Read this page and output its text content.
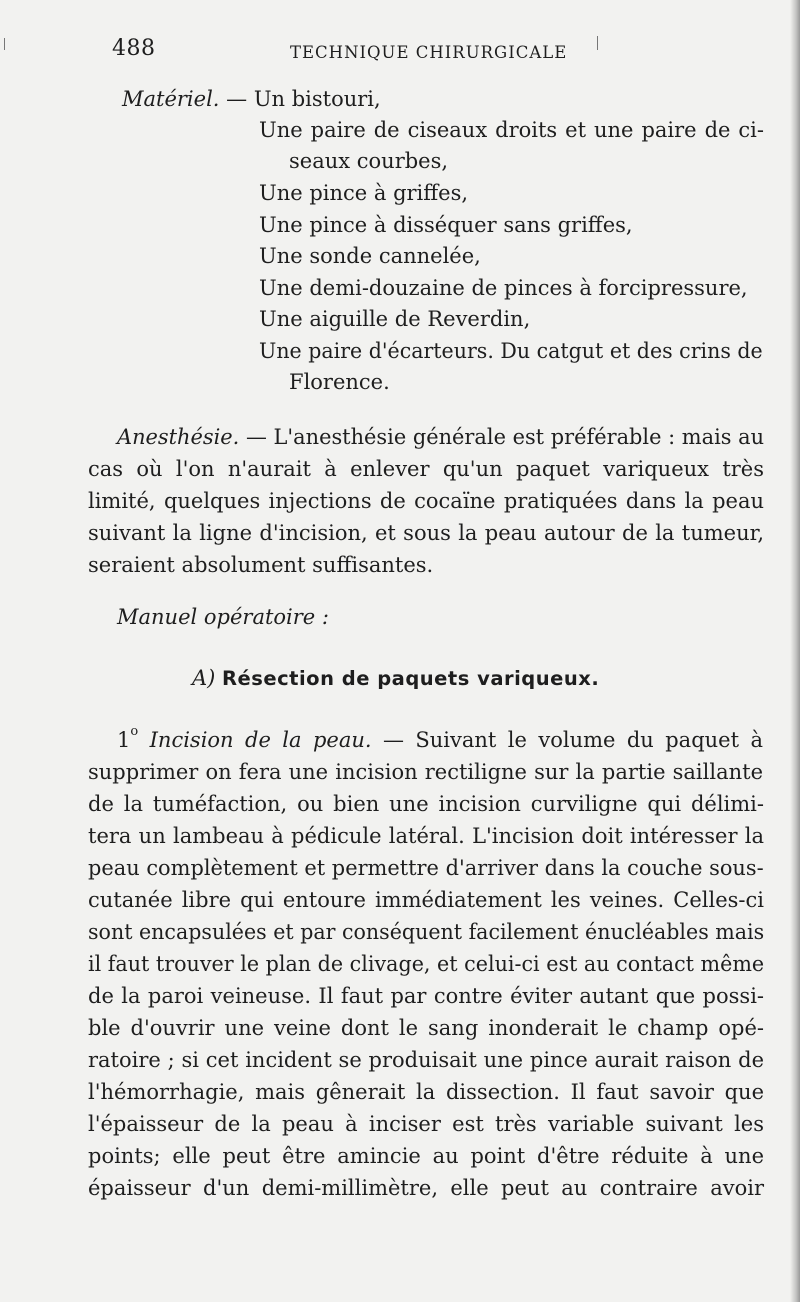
488	TECHNIQUE CHIRURGICALE
Matériel. — Un bistouri,
Une paire de ciseaux droits et une paire de ci-
seaux courbes,
Une pince à griffes,
Une pince à disséquer sans griffes,
Une sonde cannelée,
Une demi-douzaine de pinces à forcipressure,
Une aiguille de Reverdin,
Une paire d'écarteurs. Du catgut et des crins de
Florence.
Anesthésie. — L'anesthésie générale est préférable : mais au
cas où l'on n'aurait à enlever qu'un paquet variqueux très
limité, quelques injections de cocaïne pratiquées dans la peau
suivant la ligne d'incision, et sous la peau autour de la tumeur,
seraient absolument suffisantes.
Manuel opératoire :
A) Résection de paquets variqueux.
1$^o$ Incision de la peau. — Suivant le volume du paquet à
supprimer on fera une incision rectiligne sur la partie saillante
de la tuméfaction, ou bien une incision curviligne qui délimi-
tera un lambeau à pédicule latéral. L'incision doit intéresser la
peau complètement et permettre d'arriver dans la couche sous-
cutanée libre qui entoure immédiatement les veines. Celles-ci
sont encapsulées et par conséquent facilement énucléables mais
il faut trouver le plan de clivage, et celui-ci est au contact même
de la paroi veineuse. Il faut par contre éviter autant que possi-
ble d'ouvrir une veine dont le sang inonderait le champ opé-
ratoire ; si cet incident se produisait une pince aurait raison de
l'hémorrhagie, mais gênerait la dissection. Il faut savoir que
l'épaisseur de la peau à inciser est très variable suivant les
points; elle peut être amincie au point d'être réduite à une
épaisseur d'un demi-millimètre, elle peut au contraire avoir
